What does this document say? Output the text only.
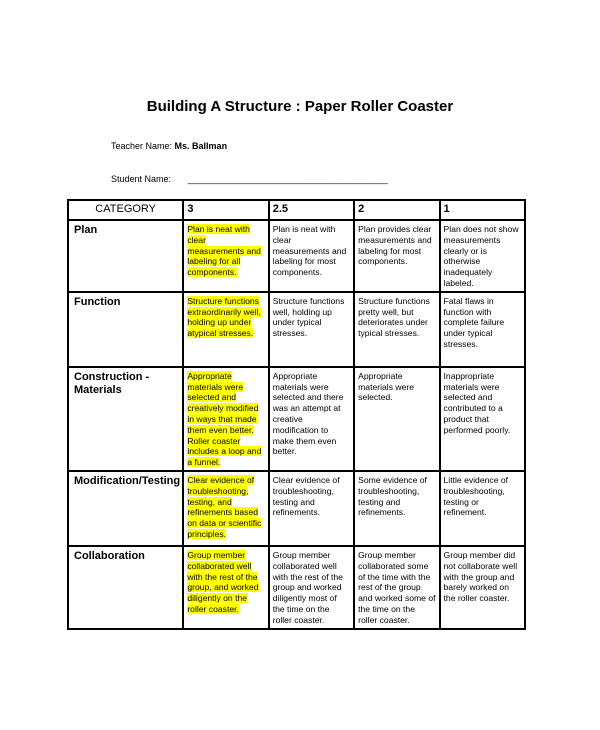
Building A Structure : Paper Roller Coaster
Teacher Name: Ms. Ballman
Student Name: ________________________________________
CATEGORY	3	2.5	2	1
Plan	Plan is neat with clear measurements and labeling for all components.	Plan is neat with clear measurements and labeling for most components.	Plan provides clear measurements and labeling for most components.	Plan does not show measurements clearly or is otherwise inadequately labeled.
Function	Structure functions extraordinarily well, holding up under atypical stresses.	Structure functions well, holding up under typical stresses.	Structure functions pretty well, but deteriorates under typical stresses.	Fatal flaws in function with complete failure under typical stresses.
Construction -Materials	Appropriate materials were selected and creatively modified in ways that made them even better. Roller coaster includes a loop and a funnel.	Appropriate materials were selected and there was an attempt at creative modification to make them even better.	Appropriate materials were selected.	Inappropriate materials were selected and contributed to a product that performed poorly.
Modification/Testing	Clear evidence of troubleshooting, testing, and refinements based on data or scientific principles.	Clear evidence of troubleshooting, testing and refinements.	Some evidence of troubleshooting, testing and refinements.	Little evidence of troubleshooting, testing or refinement.
Collaboration	Group member collaborated well with the rest of the group, and worked diligently on the roller coaster.	Group member collaborated well with the rest of the group and worked diligently most of the time on the roller coaster.	Group member collaborated some of the time with the rest of the group and worked some of the time on the roller coaster.	Group member did not collaborate well with the group and barely worked on the roller coaster.
